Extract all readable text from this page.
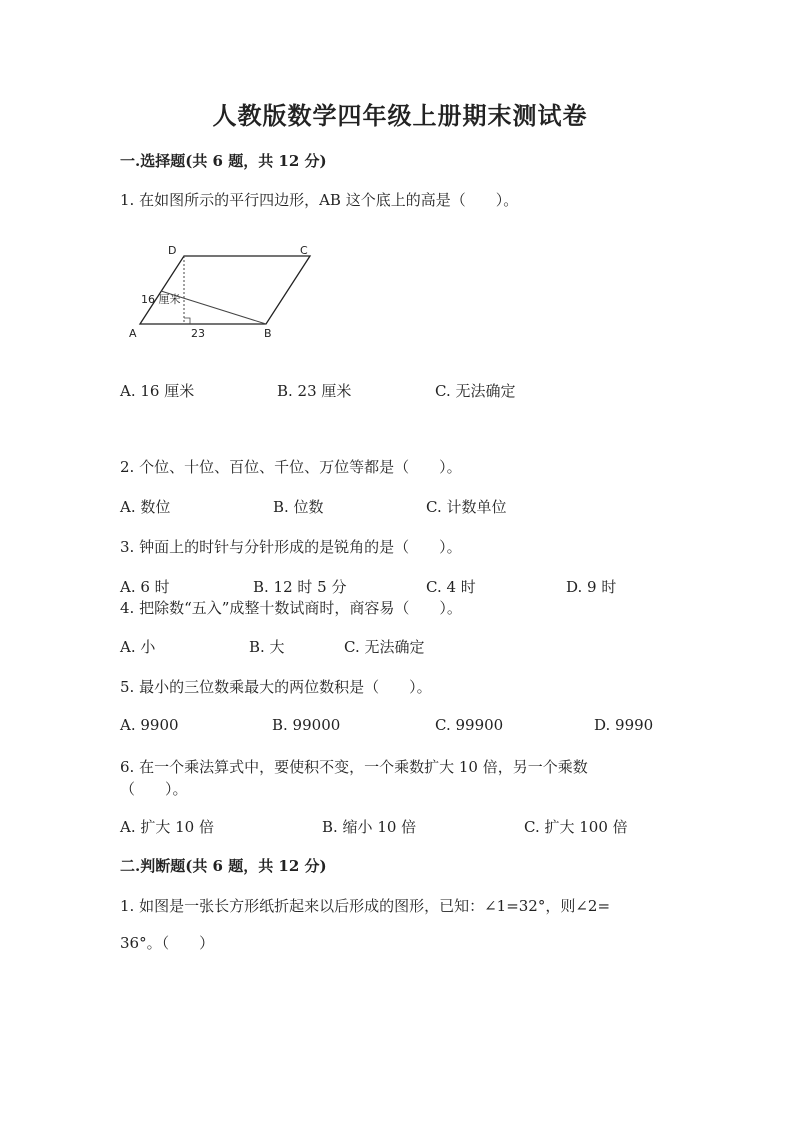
人教版数学四年级上册期末测试卷
一.选择题(共 6 题，共 12 分)
1. 在如图所示的平行四边形，AB 这个底上的高是（　　）。
D	C
A	B
16 厘米
23
A. 16 厘米	B. 23 厘米	C. 无法确定
2. 个位、十位、百位、千位、万位等都是（　　）。
A. 数位	B. 位数	C. 计数单位
3. 钟面上的时针与分针形成的是锐角的是（　　）。
A. 6 时	B. 12 时 5 分	C. 4 时	D. 9 时
4. 把除数“五入”成整十数试商时，商容易（　　）。
A. 小	B. 大	C. 无法确定
5. 最小的三位数乘最大的两位数积是（　　）。
A. 9900	B. 99000	C. 99900	D. 9990
6. 在一个乘法算式中，要使积不变，一个乘数扩大 10 倍，另一个乘数
（　　）。
A. 扩大 10 倍	B. 缩小 10 倍	C. 扩大 100 倍
二.判断题(共 6 题，共 12 分)
1. 如图是一张长方形纸折起来以后形成的图形，已知：∠1=32°，则∠2=
36°。（　　）
